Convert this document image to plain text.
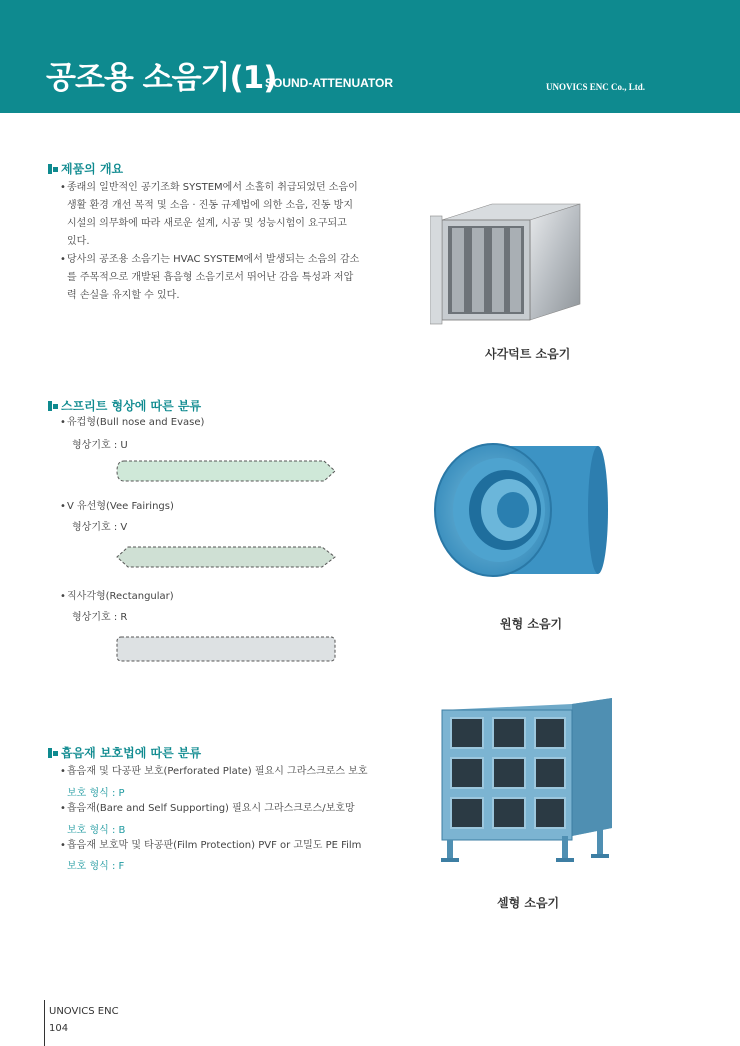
공조용 소음기(1)
SOUND-ATTENUATOR	UNOVICS ENC Co., Ltd.
제품의 개요
• 종래의 일반적인 공기조화 SYSTEM에서 소홀히 취급되었던 소음이
생활 환경 개선 목적 및 소음 · 진동 규제법에 의한 소음, 진동 방지
시설의 의무화에 따라 새로운 설계, 시공 및 성능시험이 요구되고
있다.
• 당사의 공조용 소음기는 HVAC SYSTEM에서 발생되는 소음의 감소
를 주목적으로 개발된 흡음형 소음기로서 뛰어난 감음 특성과 저압
력 손실을 유지할 수 있다.
사각덕트 소음기
스프리트 형상에 따른 분류
• 유컵형(Bull nose and Evase)
형상기호 : U
• V 유선형(Vee Fairings)
형상기호 : V
• 직사각형(Rectangular)
형상기호 : R	원형 소음기
셀형 소음기
흡음재 보호법에 따른 분류
• 흡음재 및 다공판 보호(Perforated Plate) 필요시 그라스크로스 보호
보호 형식 : P
• 흡음재(Bare and Self Supporting) 필요시 그라스크로스/보호망
보호 형식 : B
• 흡음재 보호막 및 타공판(Film Protection) PVF or 고밀도 PE Film
보호 형식 : F
UNOVICS ENC
104
